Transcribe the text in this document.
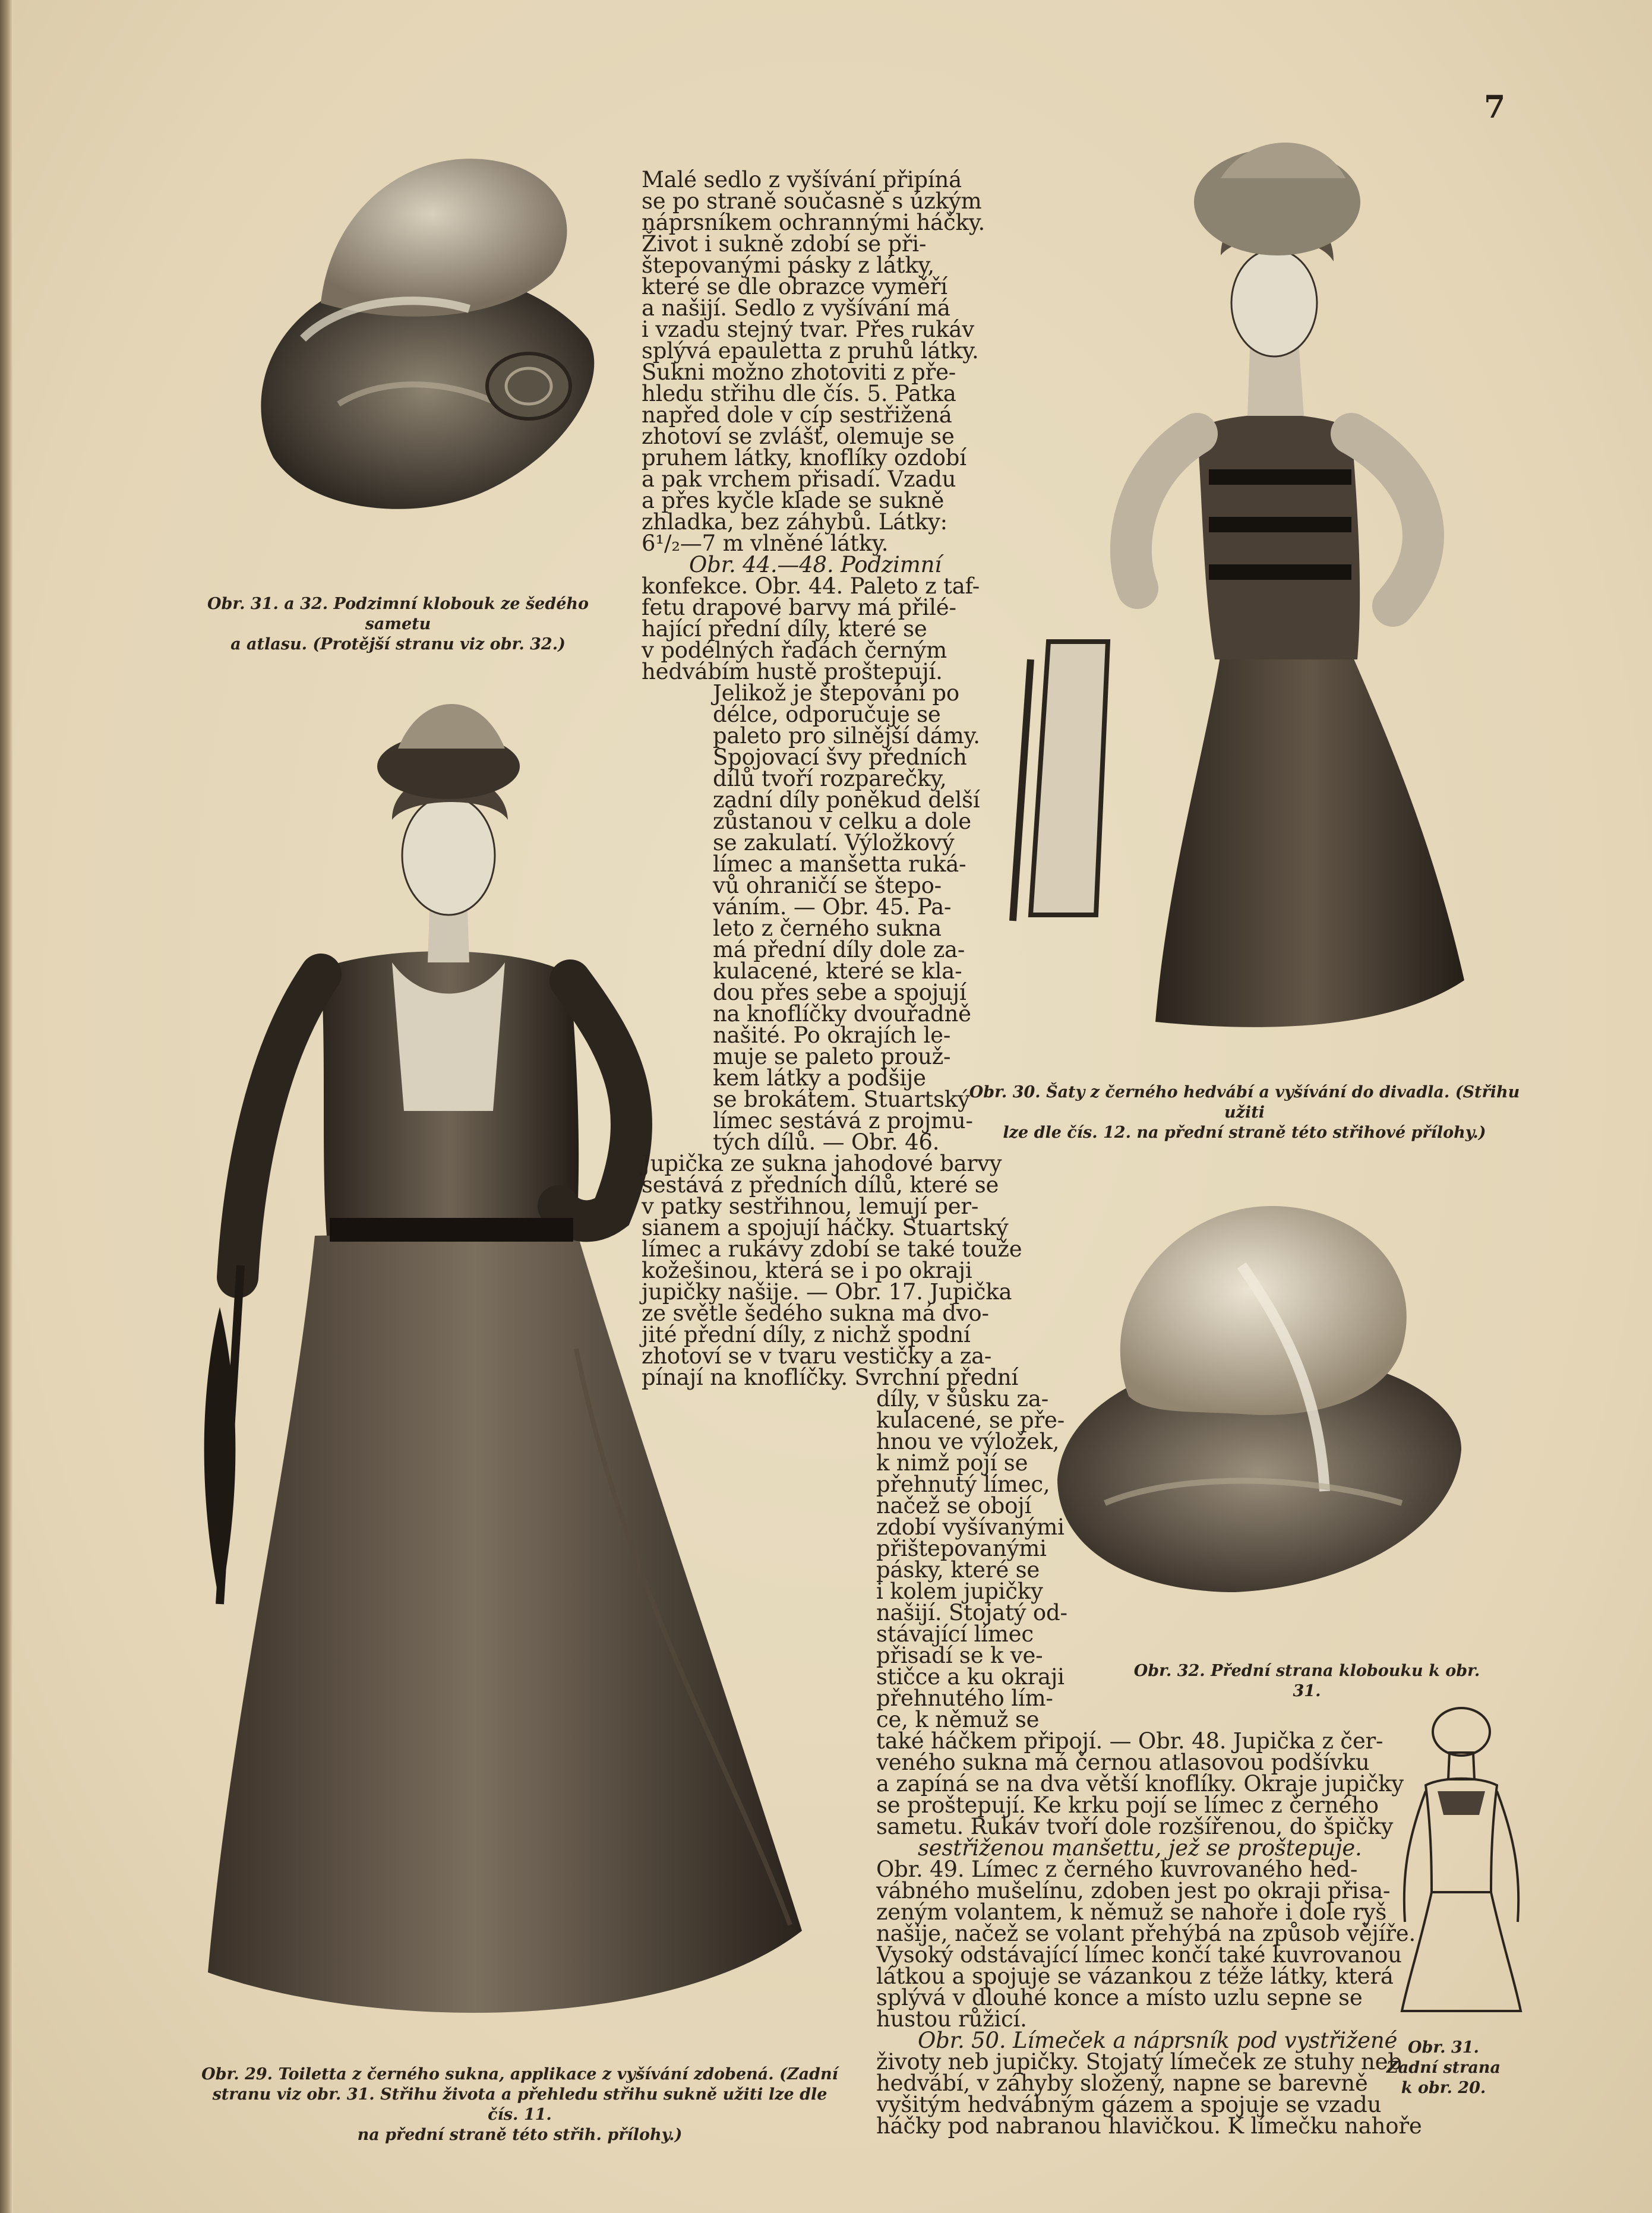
7
Obr. 31. a 32. Podzimní klobouk ze šedého sametu
a atlasu. (Protější stranu viz obr. 32.)
Obr. 29. Toiletta z černého sukna, applikace z vyšívání zdobená. (Zadní
stranu viz obr. 31. Střihu života a přehledu střihu sukně užiti lze dle čís. 11.
na přední straně této střih. přílohy.)
Obr. 30. Šaty z černého hedvábí a vyšívání do divadla. (Střihu užiti
lze dle čís. 12. na přední straně této střihové přílohy.)
Obr. 32. Přední strana klobouku k obr. 31.
Obr. 31.
Zadní strana
k obr. 20.
Malé sedlo z vyšívání připíná
se po straně současně s úzkým
náprsníkem ochrannými háčky.
Život i sukně zdobí se při-
štepovanými pásky z látky,
které se dle obrazce vyměří
a našijí. Sedlo z vyšívání má
i vzadu stejný tvar. Přes rukáv
splývá epauletta z pruhů látky.
Sukni možno zhotoviti z pře-
hledu střihu dle čís. 5. Patka
napřed dole v cíp sestřižená
zhotoví se zvlášť, olemuje se
pruhem látky, knoflíky ozdobí
a pak vrchem přisadí. Vzadu
a přes kyčle klade se sukně
zhladka, bez záhybů. Látky:
6¹/₂—7 m vlněné látky.
Obr. 44.—48. Podzimní
konfekce. Obr. 44. Paleto z taf-
fetu drapové barvy má přilé-
hající přední díly, které se
v podélných řadách černým
hedvábím hustě proštepují.
Jelikož je štepování po
délce, odporučuje se
paleto pro silnější dámy.
Spojovací švy předních
dílů tvoří rozparečky,
zadní díly poněkud delší
zůstanou v celku a dole
se zakulatí. Výložkový
límec a manšetta ruká-
vů ohraničí se štepo-
váním. — Obr. 45. Pa-
leto z černého sukna
má přední díly dole za-
kulacené, které se kla-
dou přes sebe a spojují
na knoflíčky dvouřadně
našité. Po okrajích le-
muje se paleto prouž-
kem látky a podšije
se brokátem. Stuartský
límec sestává z projmu-
tých dílů. — Obr. 46.
Jupička ze sukna jahodové barvy
sestává z předních dílů, které se
v patky sestřihnou, lemují per-
sianem a spojují háčky. Stuartský
límec a rukávy zdobí se také touže
kožešinou, která se i po okraji
jupičky našije. — Obr. 17. Jupička
ze světle šedého sukna má dvo-
jité přední díly, z nichž spodní
zhotoví se v tvaru vestičky a za-
pínají na knoflíčky. Svrchní přední
díly, v šůsku za-
kulacené, se pře-
hnou ve výložek,
k nimž pojí se
přehnutý límec,
načež se obojí
zdobí vyšívanými
přištepovanými
pásky, které se
i kolem jupičky
našijí. Stojatý od-
stávající límec
přisadí se k ve-
stičce a ku okraji
přehnutého lím-
ce, k němuž se
také háčkem připojí. — Obr. 48. Jupička z čer-
veného sukna má černou atlasovou podšívku
a zapíná se na dva větší knoflíky. Okraje jupičky
se proštepují. Ke krku pojí se límec z černého
sametu. Rukáv tvoří dole rozšířenou, do špičky
sestřiženou manšettu, jež se proštepuje.
Obr. 49. Límec z černého kuvrovaného hed-
vábného mušelínu, zdoben jest po okraji přisa-
zeným volantem, k němuž se nahoře i dole ryš
našije, načež se volant přehýbá na způsob vějíře.
Vysoký odstávající límec končí také kuvrovanou
látkou a spojuje se vázankou z téže látky, která
splývá v dlouhé konce a místo uzlu sepne se
hustou růžicí.
Obr. 50. Límeček a náprsník pod vystřižené
životy neb jupičky. Stojatý límeček ze stuhy neb
hedvábí, v záhyby složený, napne se barevně
vyšitým hedvábným gázem a spojuje se vzadu
háčky pod nabranou hlavičkou. K límečku nahoře
